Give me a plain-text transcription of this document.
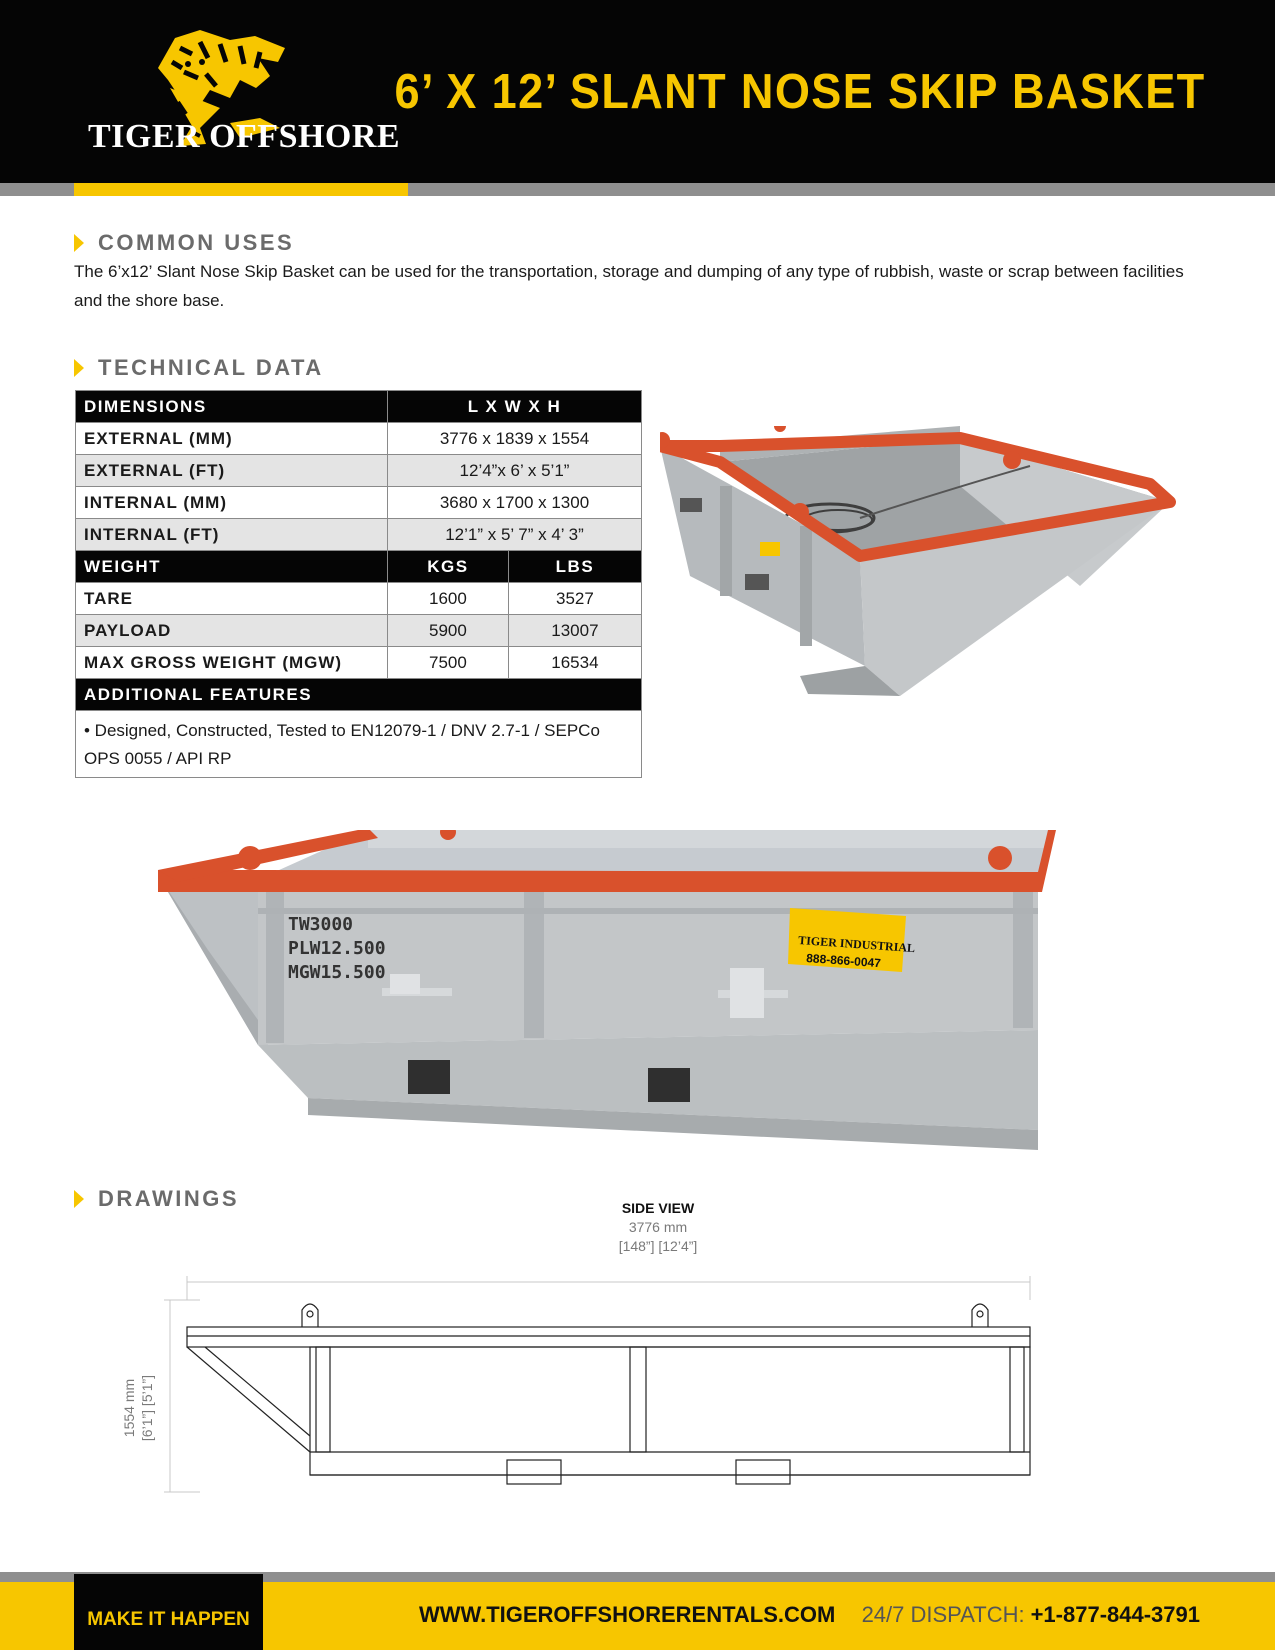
TIGER OFFSHORE
6’ X 12’ SLANT NOSE SKIP BASKET
COMMON USES
The 6’x12’ Slant Nose Skip Basket can be used for the transportation, storage and dumping of any type of rubbish, waste or scrap between facilities and the shore base.
TECHNICAL DATA
DIMENSIONS	L X W X H	
EXTERNAL (MM)	3776 x 1839 x 1554	
EXTERNAL (FT)	12’4”x 6’ x 5’1”	
INTERNAL (MM)	3680 x 1700 x 1300	
INTERNAL (FT)	12’1” x 5’ 7” x 4’ 3”	
WEIGHT	KGS	LBS
TARE	1600	3527
PAYLOAD	5900	13007
MAX GROSS WEIGHT (MGW)	7500	16534
ADDITIONAL FEATURES		
• Designed, Constructed, Tested to EN12079-1 / DNV 2.7-1 / SEPCo OPS 0055 / API RP		
TW3000
PLW12.500
MGW15.500
TIGER INDUSTRIAL
888-866-0047
DRAWINGS	SIDE VIEW
3776 mm
[148”] [12’4”]
1554 mm [6’1”] [5’1”]
MAKE IT HAPPEN	WWW.TIGEROFFSHORERENTALS.COM 24/7 DISPATCH: +1-877-844-3791
